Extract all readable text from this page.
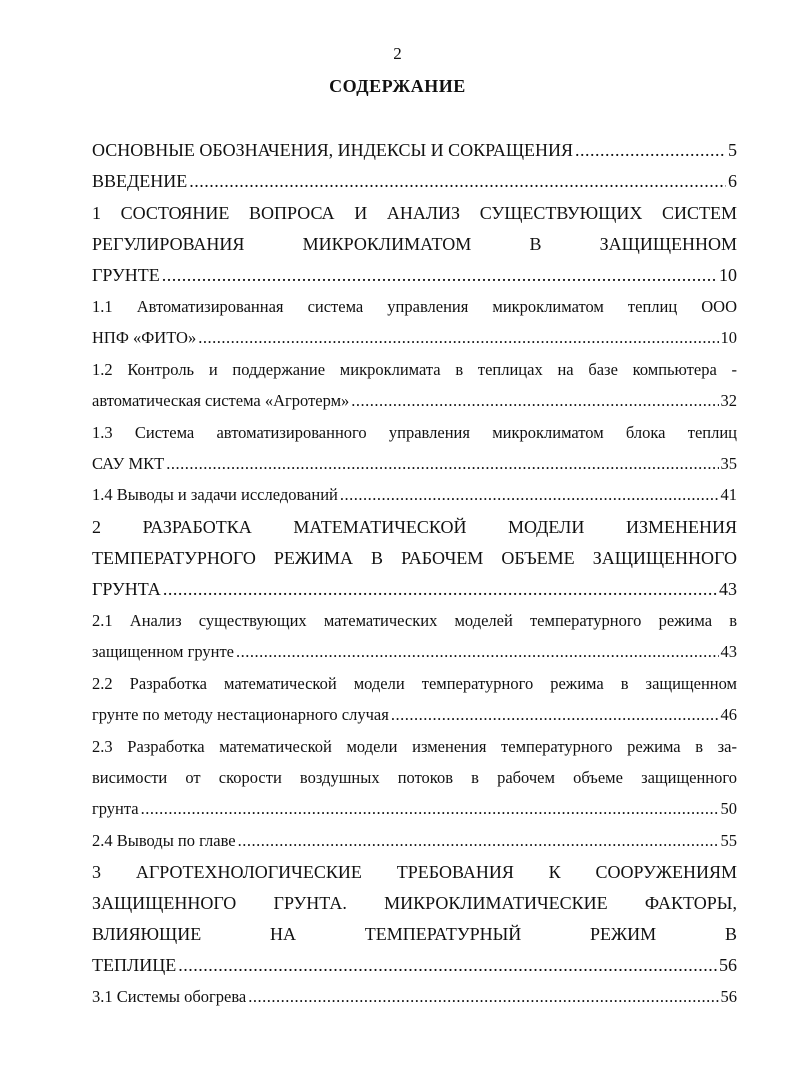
2
СОДЕРЖАНИЕ
ОСНОВНЫЕ ОБОЗНАЧЕНИЯ, ИНДЕКСЫ И СОКРАЩЕНИЯ .....	5
ВВЕДЕНИЕ .....	6
1 СОСТОЯНИЕ ВОПРОСА И АНАЛИЗ СУЩЕСТВУЮЩИХ СИСТЕМ
РЕГУЛИРОВАНИЯ	МИКРОКЛИМАТОМ	В	ЗАЩИЩЕННОМ
ГРУНТЕ .....	10
1.1 Автоматизированная система управления микроклиматом теплиц ООО
НПФ «ФИТО» .....	10
1.2 Контроль и поддержание микроклимата в теплицах на базе компьютера -
автоматическая система «Агротерм» .....	32
1.3 Система автоматизированного управления микроклиматом блока теплиц
САУ МКТ .....	35
1.4 Выводы и задачи исследований .....	41
2 РАЗРАБОТКА МАТЕМАТИЧЕСКОЙ МОДЕЛИ ИЗМЕНЕНИЯ
ТЕМПЕРАТУРНОГО РЕЖИМА В РАБОЧЕМ ОБЪЕМЕ ЗАЩИЩЕННОГО
ГРУНТА .....	43
2.1 Анализ существующих математических моделей температурного режима в
защищенном грунте .....	43
2.2 Разработка математической модели температурного режима в защищенном
грунте по методу нестационарного случая .....	46
2.3 Разработка математической модели изменения температурного режима в за-
висимости от скорости воздушных потоков в рабочем объеме защищенного
грунта .....	50
2.4 Выводы по главе .....	55
3 АГРОТЕХНОЛОГИЧЕСКИЕ ТРЕБОВАНИЯ К СООРУЖЕНИЯМ
ЗАЩИЩЕННОГО ГРУНТА. МИКРОКЛИМАТИЧЕСКИЕ ФАКТОРЫ,
ВЛИЯЮЩИЕ	НА	ТЕМПЕРАТУРНЫЙ	РЕЖИМ	В
ТЕПЛИЦЕ .....	56
3.1 Системы обогрева .....	56
